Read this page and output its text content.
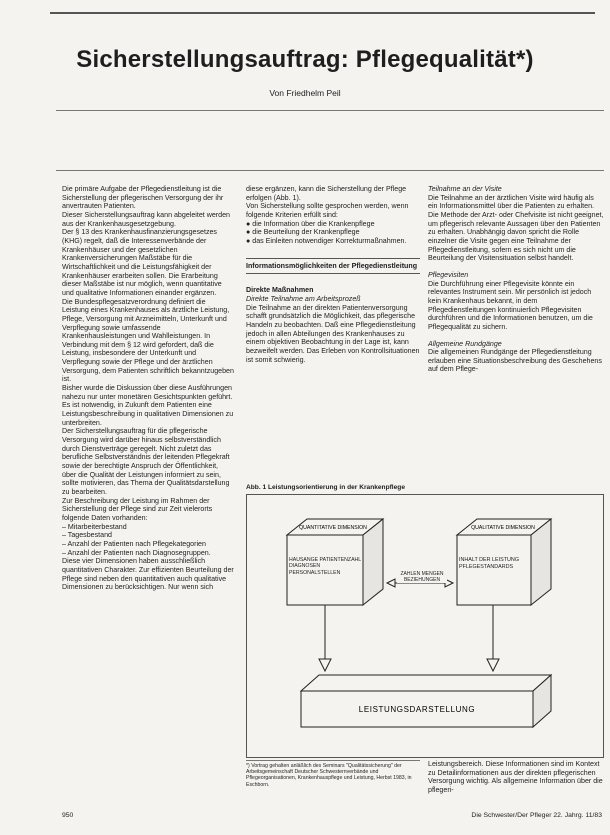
Sicherstellungsauftrag: Pflegequalität*)
Von Friedhelm Peil

Die primäre Aufgabe der Pflegedienstleitung ist die Sicherstellung der pflegerischen Versorgung der ihr anvertrauten Patienten.

Dieser Sicherstellungsauftrag kann abgeleitet werden aus der Krankenhausgesetzgebung.

Der § 13 des Krankenhausfinanzierungsgesetzes (KHG) regelt, daß die Interessenverbände der Krankenhäuser und der gesetzlichen Krankenversicherungen Maßstäbe für die Wirtschaftlichkeit und die Leistungsfähigkeit der Krankenhäuser erarbeiten sollen. Die Erarbeitung dieser Maßstäbe ist nur möglich, wenn quantitative und qualitative Informationen einander ergänzen.

Die Bundespflegesatzverordnung definiert die Leistung eines Krankenhauses als ärztliche Leistung, Pflege, Versorgung mit Arzneimitteln, Unterkunft und Verpflegung sowie umfassende Krankenhausleistungen und Wahlleistungen. In Verbindung mit dem § 12 wird gefordert, daß die Leistung, insbesondere der Unterkunft und Verpflegung sowie der Pflege und der ärztlichen Versorgung, dem Patienten schriftlich bekanntzugeben ist.

Bisher wurde die Diskussion über diese Ausführungen nahezu nur unter monetären Gesichtspunkten geführt. Es ist notwendig, in Zukunft dem Patienten eine Leistungsbeschreibung in qualitativen Dimensionen zu unterbreiten.

Der Sicherstellungsauftrag für die pflegerische Versorgung wird darüber hinaus selbstverständlich durch Dienstverträge geregelt. Nicht zuletzt das berufliche Selbstverständnis der leitenden Pflegekraft sowie der berechtigte Anspruch der Öffentlichkeit, über die Qualität der Leistungen informiert zu sein, sollte motivieren, das Thema der Qualitätsdarstellung zu bearbeiten.

Zur Beschreibung der Leistung im Rahmen der Sicherstellung der Pflege sind zur Zeit vielerorts folgende Daten vorhanden:

– Mitarbeiterbestand

– Tagesbestand

– Anzahl der Patienten nach Pflegekategorien

– Anzahl der Patienten nach Diagnosegruppen.

Diese vier Dimensionen haben ausschließlich quantitativen Charakter. Zur effizienten Beurteilung der Pflege sind neben den quantitativen auch qualitative Dimensionen zu berücksichtigen. Nur wenn sich

diese ergänzen, kann die Sicherstellung der Pflege erfolgen (Abb. 1).

Von Sicherstellung sollte gesprochen werden, wenn folgende Kriterien erfüllt sind:

● die Information über die Krankenpflege

● die Beurteilung der Krankenpflege

● das Einleiten notwendiger Korrekturmaßnahmen.

Informationsmöglichkeiten der Pflegedienstleitung

Direkte Maßnahmen

Direkte Teilnahme am Arbeitsprozeß

Die Teilnahme an der direkten Patientenversorgung schafft grundsätzlich die Möglichkeit, das pflegerische Handeln zu beobachten. Daß eine Pflegedienstleitung jedoch in allen Abteilungen des Krankenhauses zu einem objektiven Beobachtung in der Lage ist, kann bezweifelt werden. Das Erleben von Kontrollsituationen ist somit schwierig.

Teilnahme an der Visite

Die Teilnahme an der ärztlichen Visite wird häufig als ein Informationsmittel über die Patienten zu erhalten. Die Methode der Arzt- oder Chefvisite ist nicht geeignet, um pflegerisch relevante Aussagen über den Patienten zu erhalten. Unabhängig davon spricht die Rolle einzelner die Visite gegen eine Teilnahme der Pflegedienstleitung, sofern es sich nicht um die Beurteilung der Visitensituation selbst handelt.

Pflegevisiten

Die Durchführung einer Pflegevisite könnte ein relevantes Instrument sein. Mir persönlich ist jedoch kein Krankenhaus bekannt, in dem Pflegedienstleitungen kontinuierlich Pflegevisiten durchführen und die Informationen benutzen, um die Pflegequalität zu sichern.

Allgemeine Rundgänge

Die allgemeinen Rundgänge der Pflegedienstleitung erlauben eine Situationsbeschreibung des Geschehens auf dem Pflege-

Abb. 1 Leistungsorientierung in der Krankenpflege
QUANTITATIVE DIMENSION
HAUSANGE PATIENTENZAHL DIAGNOSEN PERSONALSTELLEN
QUALITATIVE DIMENSION
INHALT DER LEISTUNG PFLEGESTANDARDS
ZAHLEN MENGEN BEZIEHUNGEN
LEISTUNGSDARSTELLUNG
*) Vortrag gehalten anläßlich des Seminars "Qualitätssicherung" der Arbeitsgemeinschaft Deutscher Schwesternverbände und Pflegeorganisationen, Krankenhauspflege und Leistung, Herbst 1983, in Eschborn.

Leistungsbereich. Diese Informationen sind im Kontext zu Detailinformationen aus der direkten pflegerischen Versorgung wichtig. Als allgemeine Information über die pflegeri-

950	Die Schwester/Der Pfleger 22. Jahrg. 11/83
